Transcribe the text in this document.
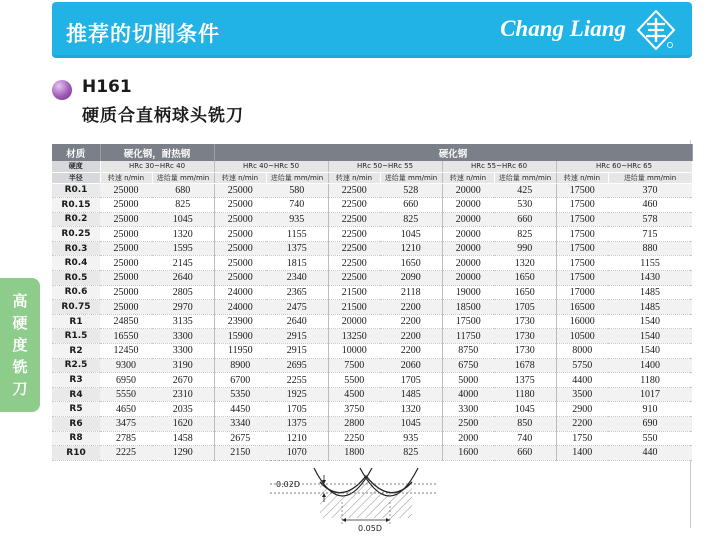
推荐的切削条件	Chang Liang
H161
硬质合直柄球头铣刀
高
硬
度
铣
刀
材质	硬化钢，耐热钢		硬化钢							
硬度	HRc 30~HRc 40		HRc 40~HRc 50		HRc 50~HRc 55		HRc 55~HRc 60		HRc 60~HRc 65	
半径	转速 n/min	进给量 mm/min	转速 n/min	进给量 mm/min	转速 n/min	进给量 mm/min	转速 n/min	进给量 mm/min	转速 n/min	进给量 mm/min
R0.1	25000	680	25000	580	22500	528	20000	425	17500	370
R0.15	25000	825	25000	740	22500	660	20000	530	17500	460
R0.2	25000	1045	25000	935	22500	825	20000	660	17500	578
R0.25	25000	1320	25000	1155	22500	1045	20000	825	17500	715
R0.3	25000	1595	25000	1375	22500	1210	20000	990	17500	880
R0.4	25000	2145	25000	1815	22500	1650	20000	1320	17500	1155
R0.5	25000	2640	25000	2340	22500	2090	20000	1650	17500	1430
R0.6	25000	2805	24000	2365	21500	2118	19000	1650	17000	1485
R0.75	25000	2970	24000	2475	21500	2200	18500	1705	16500	1485
R1	24850	3135	23900	2640	20000	2200	17500	1730	16000	1540
R1.5	16550	3300	15900	2915	13250	2200	11750	1730	10500	1540
R2	12450	3300	11950	2915	10000	2200	8750	1730	8000	1540
R2.5	9300	3190	8900	2695	7500	2060	6750	1678	5750	1400
R3	6950	2670	6700	2255	5500	1705	5000	1375	4400	1180
R4	5550	2310	5350	1925	4500	1485	4000	1180	3500	1017
R5	4650	2035	4450	1705	3750	1320	3300	1045	2900	910
R6	3475	1620	3340	1375	2800	1045	2500	850	2200	690
R8	2785	1458	2675	1210	2250	935	2000	740	1750	550
R10	2225	1290	2150	1070	1800	825	1600	660	1400	440
0.02D
0.05D
